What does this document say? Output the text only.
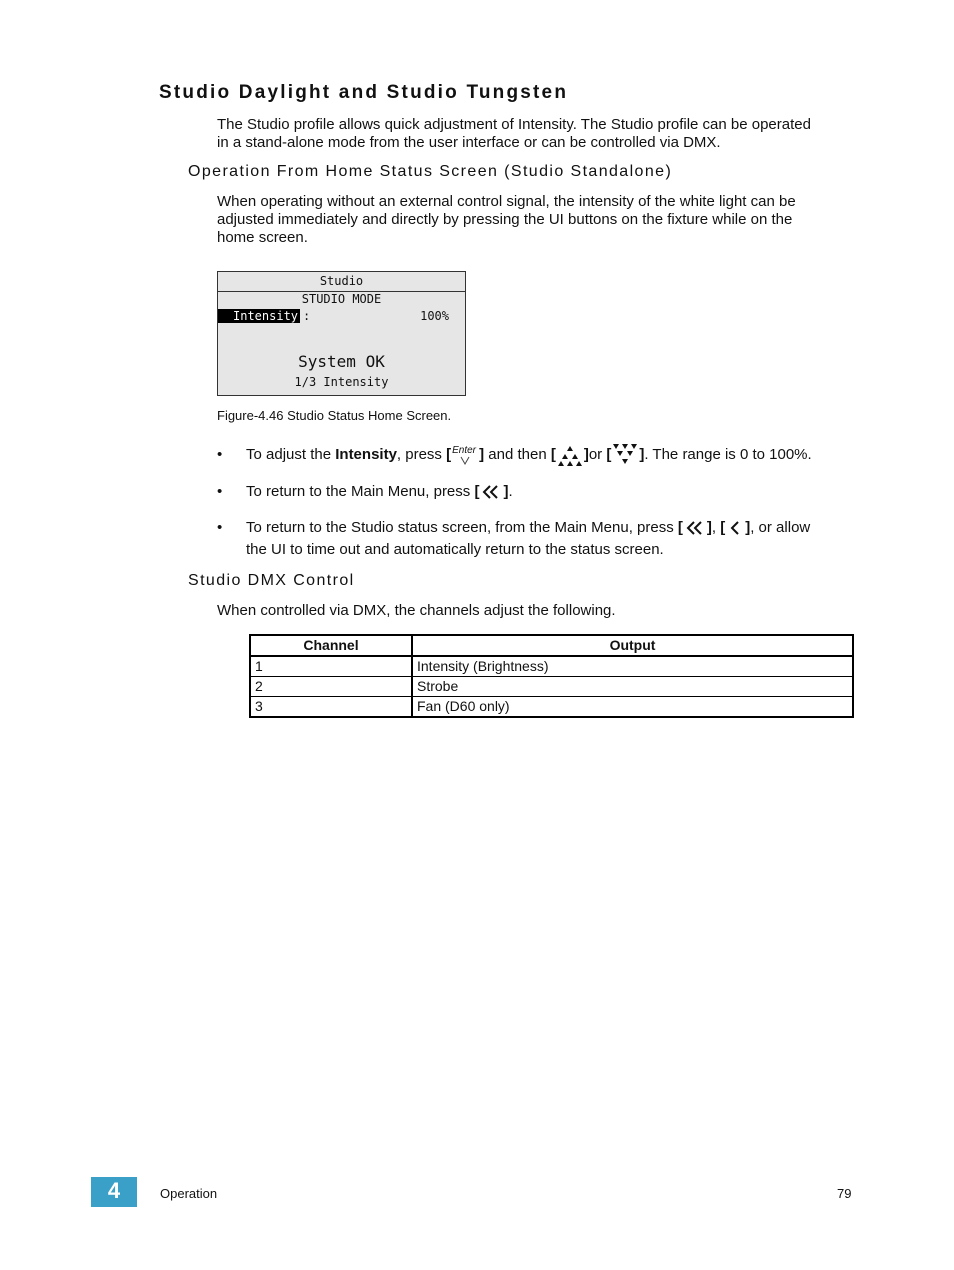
Studio Daylight and Studio Tungsten
The Studio profile allows quick adjustment of Intensity. The Studio profile can be operated
in a stand-alone mode from the user interface or can be controlled via DMX.
Operation From Home Status Screen (Studio Standalone)
When operating without an external control signal, the intensity of the white light can be
adjusted immediately and directly by pressing the UI buttons on the fixture while on the
home screen.
Studio
STUDIO MODE
Intensity :	100%
System OK
1/3 Intensity
Figure-4.46 Studio Status Home Screen.
• To adjust the Intensity, press [ Enter ] and then [ ]or [ ]. The range is 0 to 100%.
• To return to the Main Menu, press [ ].
• To return to the Studio status screen, from the Main Menu, press [ ], [ ], or allow
the UI to time out and automatically return to the status screen.
Studio DMX Control
When controlled via DMX, the channels adjust the following.
Channel	Output
1	Intensity (Brightness)
2	Strobe
3	Fan (D60 only)
4	Operation	79
